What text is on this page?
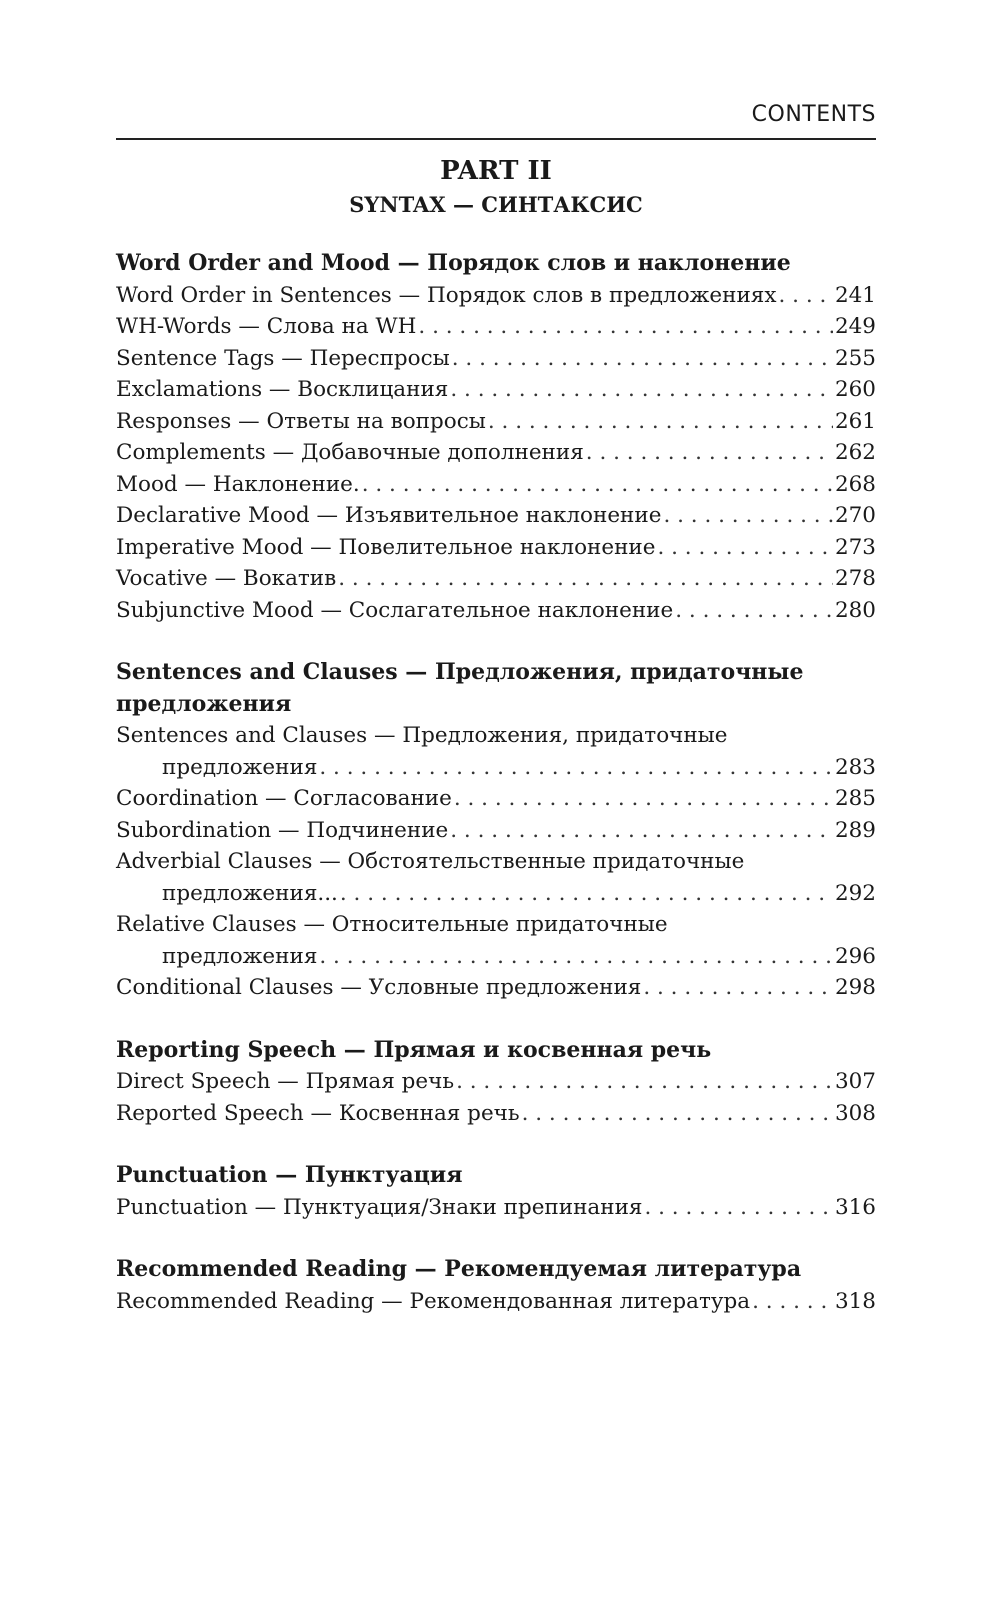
CONTENTS
PART II
SYNTAX — СИНТАКСИС
Word Order and Mood — Порядок слов и наклонение
Word Order in Sentences — Порядок слов в предложениях . . .	241
WH-Words — Слова на WH . . .	249
Sentence Tags — Переспросы . . .	255
Exclamations — Восклицания . . .	260
Responses — Ответы на вопросы . . .	261
Complements — Добавочные дополнения . . .	262
Mood — Наклонение. . . .	268
Declarative Mood — Изъявительное наклонение . . .	270
Imperative Mood — Повелительное наклонение . . .	273
Vocative — Вокатив . . .	278
Subjunctive Mood — Сослагательное наклонение . . .	280
Sentences and Clauses — Предложения, придаточные предложения
Sentences and Clauses — Предложения, придаточные
предложения . . .	283
Coordination — Согласование . . .	285
Subordination — Подчинение . . .	289
Adverbial Clauses — Обстоятельственные придаточные
предложения... . . .	292
Relative Clauses — Относительные придаточные
предложения . . .	296
Conditional Clauses — Условные предложения . . .	298
Reporting Speech — Прямая и косвенная речь
Direct Speech — Прямая речь . . .	307
Reported Speech — Косвенная речь . . .	308
Punctuation — Пунктуация
Punctuation — Пунктуация/Знаки препинания . . .	316
Recommended Reading — Рекомендуемая литература
Recommended Reading — Рекомендованная литература . . .	318
